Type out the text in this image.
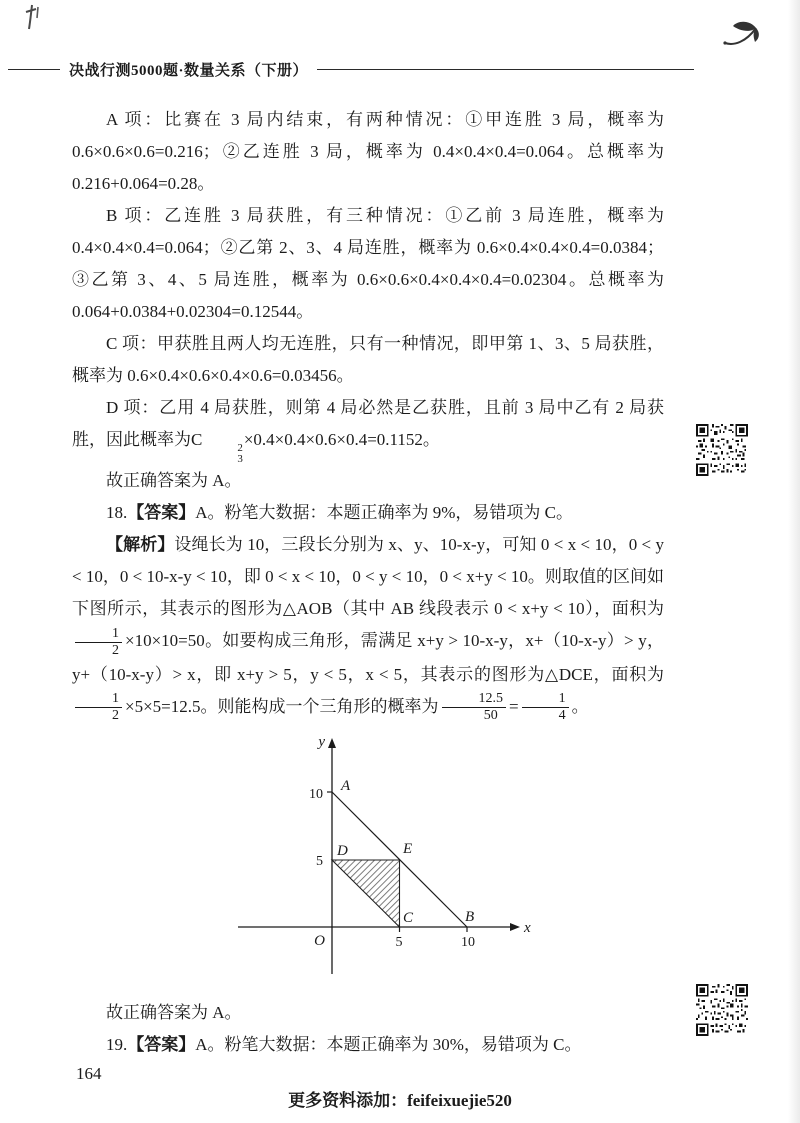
决战行测5000题·数量关系（下册）

A 项：比赛在 3 局内结束，有两种情况：①甲连胜 3 局，概率为 0.6×0.6×0.6=0.216；②乙连胜 3 局，概率为 0.4×0.4×0.4=0.064。总概率为 0.216+0.064=0.28。

B 项：乙连胜 3 局获胜，有三种情况：①乙前 3 局连胜，概率为 0.4×0.4×0.4=0.064；②乙第 2、3、4 局连胜，概率为 0.6×0.4×0.4×0.4=0.0384；③乙第 3、4、5 局连胜，概率为 0.6×0.6×0.4×0.4×0.4=0.02304。总概率为 0.064+0.0384+0.02304=0.12544。

C 项：甲获胜且两人均无连胜，只有一种情况，即甲第 1、3、5 局获胜，概率为 0.6×0.4×0.6×0.4×0.6=0.03456。

D 项：乙用 4 局获胜，则第 4 局必然是乙获胜，且前 3 局中乙有 2 局获胜，因此概率为C	2
3
×0.4×0.4×0.6×0.4=0.1152。

故正确答案为 A。

18.【答案】A。粉笔大数据：本题正确率为 9%，易错项为 C。

【解析】设绳长为 10，三段长分别为 x、y、10-x-y，可知 0 < x < 10，0 < y < 10，0 < 10-x-y < 10，即 0 < x < 10，0 < y < 10，0 < x+y < 10。则取值的区间如下图所示，其表示的图形为△AOB（其中 AB 线段表示 0 < x+y < 10），面积为
$\frac{1}{2} \times 10\times 10=50$。如要构成三角形，需满足 x+y > 10-x-y，x+（10-x-y）> y，y+（10-x-y）> x，即 x+y > 5，y < 5，x < 5，其表示的图形为△DCE，面积为
$\frac{1}{2} \times 5\times 5=12.5$。则能构成一个三角形的概率为 $\frac{12.5}{50} = \frac{1}{4}$ 。

y
x
O
A
10
D
5
E
C
5
B
10

故正确答案为 A。

19.【答案】A。粉笔大数据：本题正确率为 30%，易错项为 C。

164
更多资料添加：feifeixuejie520
